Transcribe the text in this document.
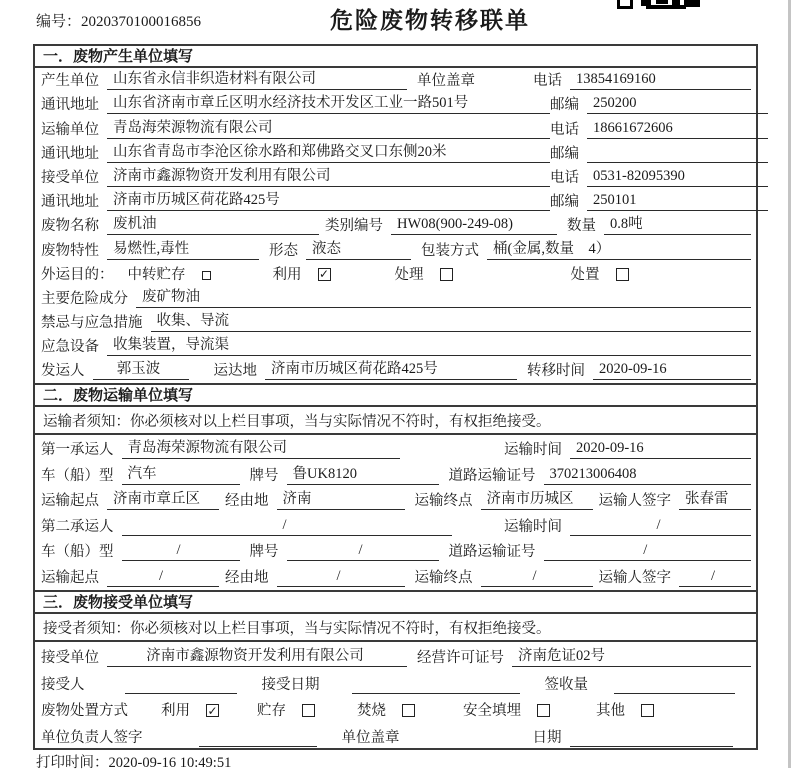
编号：2020370100016856	危险废物转移联单
一．废物产生单位填写
产生单位 山东省永信非织造材料有限公司	单位盖章	电话 13854169160
通讯地址 山东省济南市章丘区明水经济技术开发区工业一路501号	邮编 250200
运输单位 青岛海荣源物流有限公司	电话 18661672606
通讯地址 山东省青岛市李沧区徐水路和郑佛路交叉口东侧20米	邮编
接受单位 济南市鑫源物资开发利用有限公司	电话 0531-82095390
通讯地址 济南市历城区荷花路425号	邮编 250101
废物名称 废机油	类别编号 HW08(900-249-08)	数量 0.8吨
废物特性 易燃性,毒性	形态 液态	包装方式 桶(金属,数量　4）
外运目的： 中转贮存	利用 ✓	处理	处置
主要危险成分 废矿物油
禁忌与应急措施 收集、导流
应急设备 收集装置，导流渠
发运人	郭玉波	运达地 济南市历城区荷花路425号	转移时间 2020-09-16
二．废物运输单位填写
运输者须知：你必须核对以上栏目事项，当与实际情况不符时，有权拒绝接受。
第一承运人 青岛海荣源物流有限公司	运输时间 2020-09-16
车（船）型 汽车	牌号 鲁UK8120	道路运输证号 370213006408
运输起点 济南市章丘区	经由地 济南	运输终点 济南市历城区	运输人签字 张春雷
第二承运人	/	运输时间	/
车（船）型	/	牌号	/	道路运输证号	/
运输起点	/	经由地	/	运输终点	/	运输人签字	/
三．废物接受单位填写
接受者须知：你必须核对以上栏目事项，当与实际情况不符时，有权拒绝接受。
接受单位	济南市鑫源物资开发利用有限公司	经营许可证号 济南危证02号
接受人	接受日期	签收量
废物处置方式 利用 ✓	贮存	焚烧	安全填埋	其他
单位负责人签字	单位盖章	日期
打印时间：2020-09-16 10:49:51
